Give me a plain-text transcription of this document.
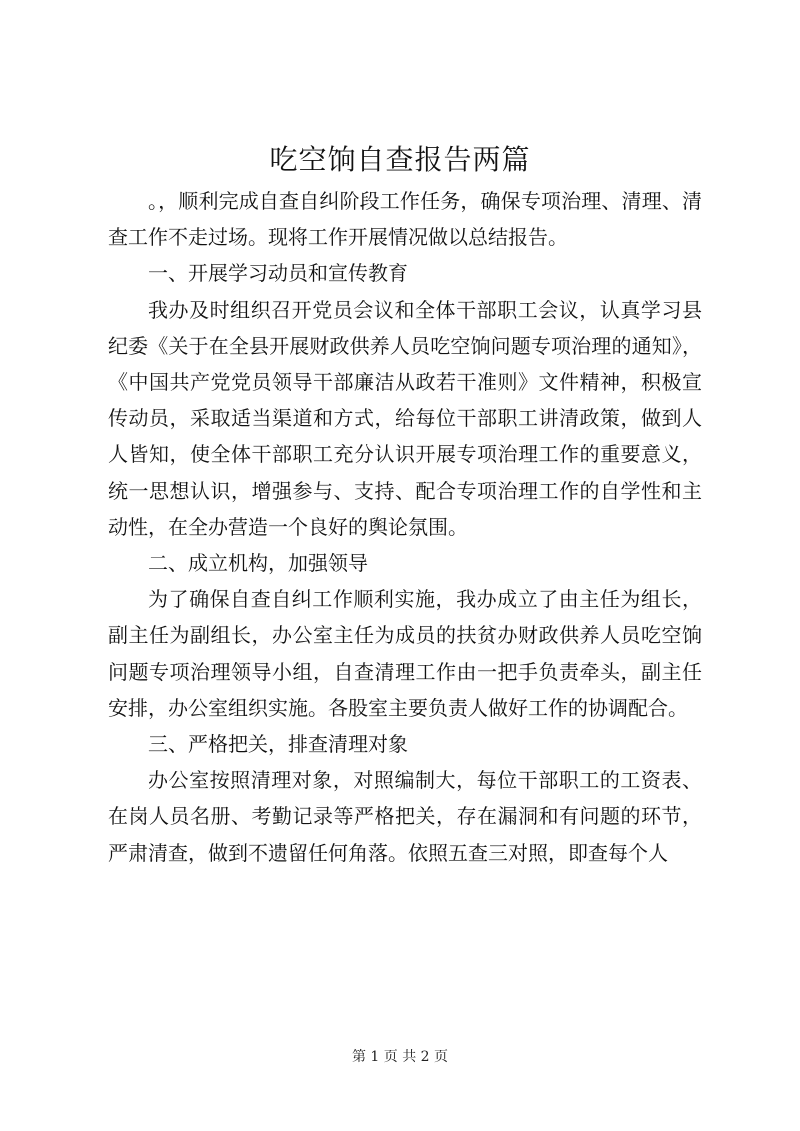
吃空饷自查报告两篇

。，顺利完成自查自纠阶段工作任务，确保专项治理、清理、清查工作不走过场。现将工作开展情况做以总结报告。

一、开展学习动员和宣传教育

我办及时组织召开党员会议和全体干部职工会议，认真学习县纪委《关于在全县开展财政供养人员吃空饷问题专项治理的通知》，《中国共产党党员领导干部廉洁从政若干准则》文件精神，积极宣传动员，采取适当渠道和方式，给每位干部职工讲清政策，做到人人皆知，使全体干部职工充分认识开展专项治理工作的重要意义，统一思想认识，增强参与、支持、配合专项治理工作的自学性和主动性，在全办营造一个良好的舆论氛围。

二、成立机构，加强领导

为了确保自查自纠工作顺利实施，我办成立了由主任为组长，副主任为副组长，办公室主任为成员的扶贫办财政供养人员吃空饷问题专项治理领导小组，自查清理工作由一把手负责牵头，副主任安排，办公室组织实施。各股室主要负责人做好工作的协调配合。

三、严格把关，排查清理对象

办公室按照清理对象，对照编制大，每位干部职工的工资表、在岗人员名册、考勤记录等严格把关，存在漏洞和有问题的环节，严肃清查，做到不遗留任何角落。依照五查三对照，即查每个人

第 1 页 共 2 页
